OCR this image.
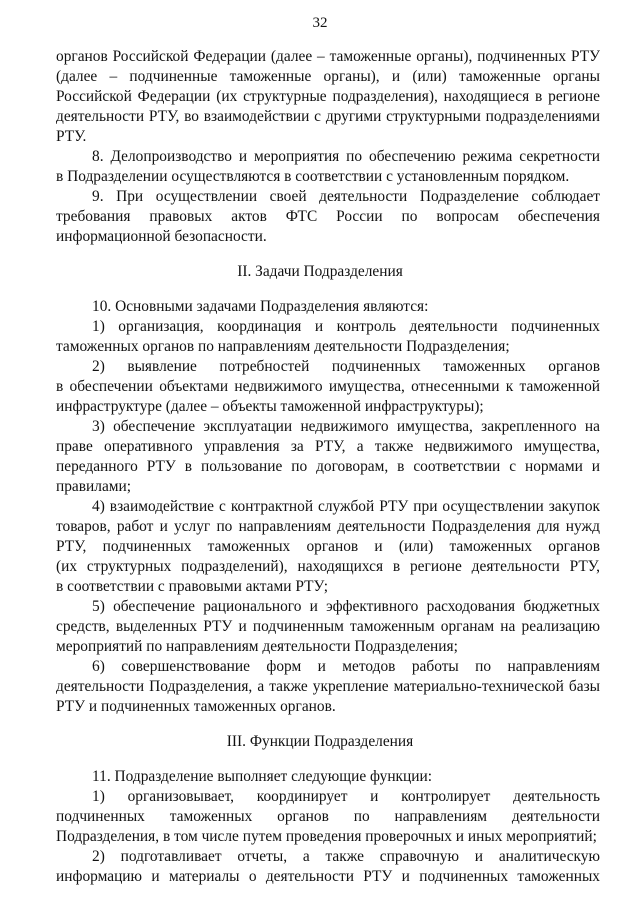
32
органов Российской Федерации (далее – таможенные органы), подчиненных РТУ
(далее – подчиненные таможенные органы), и (или) таможенные органы
Российской Федерации (их структурные подразделения), находящиеся в регионе
деятельности РТУ, во взаимодействии с другими структурными подразделениями
РТУ.
8. Делопроизводство и мероприятия по обеспечению режима секретности
в Подразделении осуществляются в соответствии с установленным порядком.
9. При осуществлении своей деятельности Подразделение соблюдает
требования правовых актов ФТС России по вопросам обеспечения
информационной безопасности.
II. Задачи Подразделения
10. Основными задачами Подразделения являются:
1) организация, координация и контроль деятельности подчиненных
таможенных органов по направлениям деятельности Подразделения;
2) выявление потребностей подчиненных таможенных органов
в обеспечении объектами недвижимого имущества, отнесенными к таможенной
инфраструктуре (далее – объекты таможенной инфраструктуры);
3) обеспечение эксплуатации недвижимого имущества, закрепленного на
праве оперативного управления за РТУ, а также недвижимого имущества,
переданного РТУ в пользование по договорам, в соответствии с нормами и
правилами;
4) взаимодействие с контрактной службой РТУ при осуществлении закупок
товаров, работ и услуг по направлениям деятельности Подразделения для нужд
РТУ, подчиненных таможенных органов и (или) таможенных органов
(их структурных подразделений), находящихся в регионе деятельности РТУ,
в соответствии с правовыми актами РТУ;
5) обеспечение рационального и эффективного расходования бюджетных
средств, выделенных РТУ и подчиненным таможенным органам на реализацию
мероприятий по направлениям деятельности Подразделения;
6) совершенствование форм и методов работы по направлениям
деятельности Подразделения, а также укрепление материально-технической базы
РТУ и подчиненных таможенных органов.
III. Функции Подразделения
11. Подразделение выполняет следующие функции:
1) организовывает, координирует и контролирует деятельность
подчиненных таможенных органов по направлениям деятельности
Подразделения, в том числе путем проведения проверочных и иных мероприятий;
2) подготавливает отчеты, а также справочную и аналитическую
информацию и материалы о деятельности РТУ и подчиненных таможенных
